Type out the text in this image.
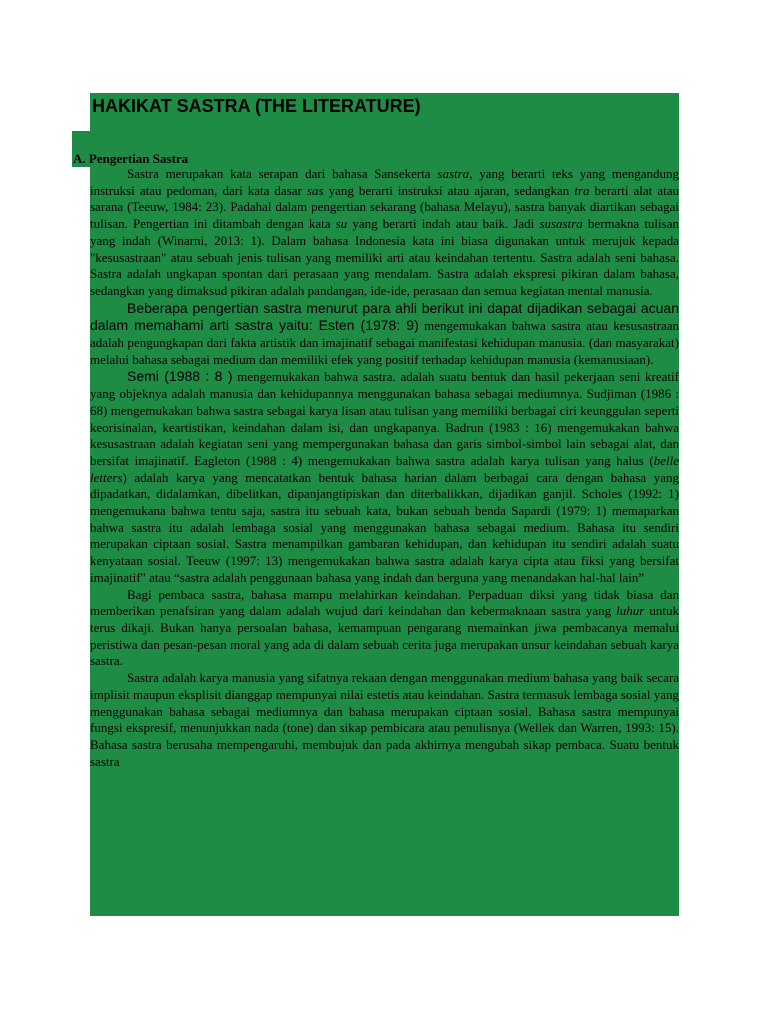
HAKIKAT SASTRA (THE LITERATURE)
A. Pengertian Sastra

Sastra merupakan kata serapan dari bahasa Sansekerta sastra, yang berarti teks yang mengandung instruksi atau pedoman, dari kata dasar sas yang berarti instruksi atau ajaran, sedangkan tra berarti alat atau sarana (Teeuw, 1984: 23). Padahal dalam pengertian sekarang (bahasa Melayu), sastra banyak diartikan sebagai tulisan. Pengertian ini ditambah dengan kata su yang berarti indah atau baik. Jadi susastra bermakna tulisan yang indah (Winarni, 2013: 1). Dalam bahasa Indonesia kata ini biasa digunakan untuk merujuk kepada "kesusastraan" atau sebuah jenis tulisan yang memiliki arti atau keindahan tertentu. Sastra adalah seni bahasa. Sastra adalah ungkapan spontan dari perasaan yang mendalam. Sastra adalah ekspresi pikiran dalam bahasa, sedangkan yang dimaksud pikiran adalah pandangan, ide-ide, perasaan dan semua kegiatan mental manusia.

Beberapa pengertian sastra menurut para ahli berikut ini dapat dijadikan sebagai acuan dalam memahami arti sastra yaitu: Esten (1978: 9) mengemukakan bahwa sastra atau kesusastraan adalah pengungkapan dari fakta artistik dan imajinatif sebagai manifestasi kehidupan manusia. (dan masyarakat) melalui bahasa sebagai medium dan memiliki efek yang positif terhadap kehidupan manusia (kemanusiaan).

Semi (1988 : 8 ) mengemukakan bahwa sastra. adalah suatu bentuk dan hasil pekerjaan seni kreatif yang objeknya adalah manusia dan kehidupannya menggunakan bahasa sebagai mediumnya. Sudjiman (1986 : 68) mengemukakan bahwa sastra sebagai karya lisan atau tulisan yang memiliki berbagai ciri keunggulan seperti keorisinalan, keartistikan, keindahan dalam isi, dan ungkapanya. Badrun (1983 : 16) mengemukakan bahwa kesusastraan adalah kegiatan seni yang mempergunakan bahasa dan garis simbol-simbol lain sebagai alat, dan bersifat imajinatif. Eagleton (1988 : 4) mengemukakan bahwa sastra adalah karya tulisan yang halus (belle letters) adalah karya yang mencatatkan bentuk bahasa harian dalam berbagai cara dengan bahasa yang dipadatkan, didalamkan, dibelitkan, dipanjangtipiskan dan diterbalikkan, dijadikan ganjil. Scholes (1992: 1) mengemukana bahwa tentu saja, sastra itu sebuah kata, bukan sebuah benda Sapardi (1979: 1) memaparkan bahwa sastra itu adalah lembaga sosial yang menggunakan bahasa sebagai medium. Bahasa itu sendiri merupakan ciptaan sosial. Sastra menampilkan gambaran kehidupan, dan kehidupan itu sendiri adalah suatu kenyataan sosial. Teeuw (1997: 13) mengemukakan bahwa sastra adalah karya cipta atau fiksi yang bersifat imajinatif" atau “sastra adalah penggunaan bahasa yang indah dan berguna yang menandakan hal-hal lain”

Bagi pembaca sastra, bahasa mampu melahirkan keindahan. Perpaduan diksi yang tidak biasa dan memberikan penafsiran yang dalam adalah wujud dari keindahan dan kebermaknaan sastra yang luhur untuk terus dikaji. Bukan hanya persoalan bahasa, kemampuan pengarang memainkan jiwa pembacanya memalui peristiwa dan pesan-pesan moral yang ada di dalam sebuah cerita juga merupakan unsur keindahan sebuah karya sastra.

Sastra adalah karya manusia yang sifatnya rekaan dengan menggunakan medium bahasa yang baik secara implisit maupun eksplisit dianggap mempunyai nilai estetis atau keindahan. Sastra termasuk lembaga sosial yang menggunakan bahasa sebagai mediumnya dan bahasa merupakan ciptaan sosial. Bahasa sastra mempunyai fungsi ekspresif, menunjukkan nada (tone) dan sikap pembicara atau penulisnya (Wellek dan Warren, 1993: 15). Bahasa sastra berusaha mempengaruhi, membujuk dan pada akhirnya mengubah sikap pembaca. Suatu bentuk sastra
